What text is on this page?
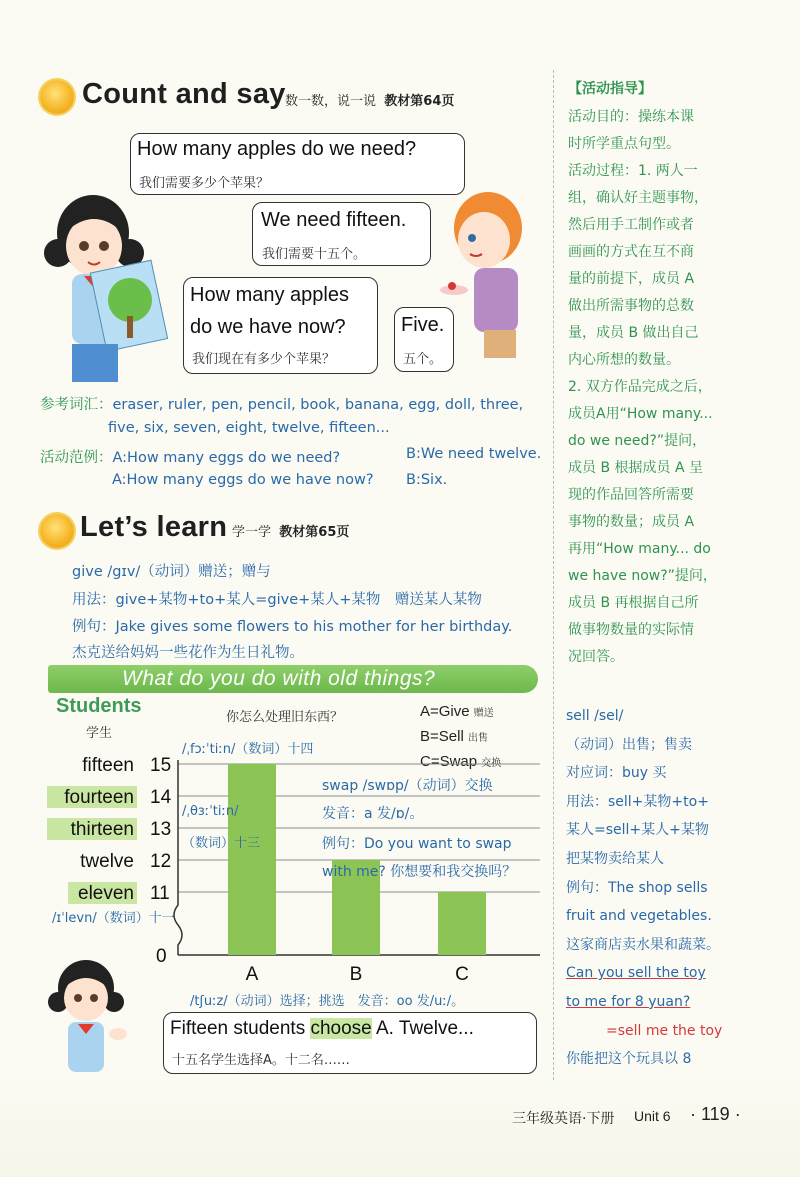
Count and say 数一数，说一说 教材第64页
How many apples do we need?
我们需要多少个苹果？
We need fifteen.
我们需要十五个。
How many apples
do we have now?
我们现在有多少个苹果？
Five.
五个。
参考词汇：eraser, ruler, pen, pencil, book, banana, egg, doll, three,
five, six, seven, eight, twelve, fifteen...
活动范例：A:How many eggs do we need?	B:We need twelve.
A:How many eggs do we have now? B:Six.
Let’s learn 学一学 教材第65页
give /gɪv/（动词）赠送；赠与
用法：give+某物+to+某人=give+某人+某物　赠送某人某物
例句：Jake gives some flowers to his mother for her birthday.
杰克送给妈妈一些花作为生日礼物。
What do you do with old things?
Students
学生
你怎么处理旧东西？	A=Give 赠送
B=Sell 出售
C=Swap 交换
15
fifteen
14
fourteen
13
thirteen
12
twelve
11
eleven
0
A	B	C
/ˌfɔːˈtiːn/（数词）十四
/ˌθɜːˈtiːn/
（数词）十三
/ɪˈlevn/（数词）十一
swap /swɒp/（动词）交换
发音：a 发/ɒ/。
例句：Do you want to swap
with me? 你想要和我交换吗？
/tʃuːz/（动词）选择；挑选　发音：oo 发/uː/。
Fifteen students choose A. Twelve...
十五名学生选择A。十二名……
【活动指导】
活动目的：操练本课
时所学重点句型。
活动过程：1. 两人一
组，确认好主题事物，
然后用手工制作或者
画画的方式在互不商
量的前提下，成员 A
做出所需事物的总数
量，成员 B 做出自己
内心所想的数量。
2. 双方作品完成之后，
成员A用“How many...
do we need?”提问，
成员 B 根据成员 A 呈
现的作品回答所需要
事物的数量；成员 A
再用“How many... do
we have now?”提问，
成员 B 再根据自己所
做事物数量的实际情
况回答。
sell /sel/
（动词）出售；售卖
对应词：buy 买
用法：sell+某物+to+
某人=sell+某人+某物
把某物卖给某人
例句：The shop sells
fruit and vegetables.
这家商店卖水果和蔬菜。
Can you sell the toy
to me for 8 yuan?
=sell me the toy
你能把这个玩具以 8
三年级英语·下册 Unit 6 · 119 ·
